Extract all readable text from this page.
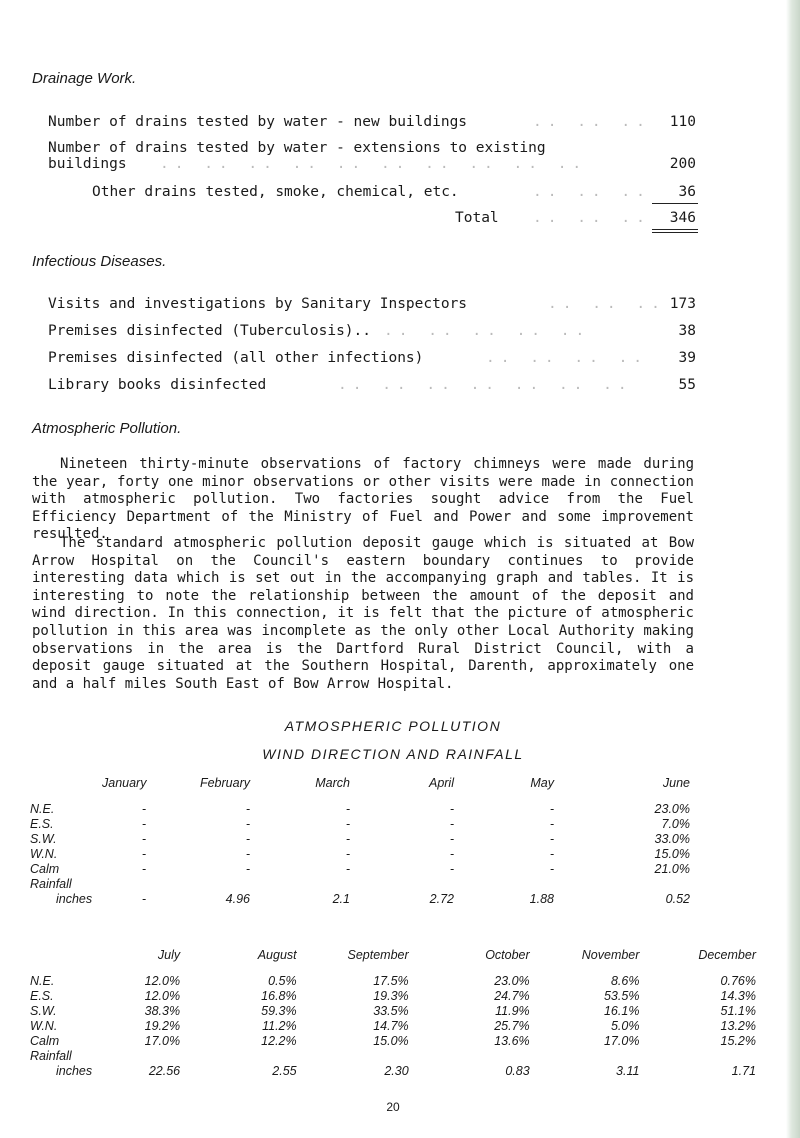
Drainage Work.
Number of drains tested by water - new buildings	.. .. ..	110
Number of drains tested by water - extensions to existing
buildings .. .. .. .. .. .. .. .. .. ..	200
Other drains tested, smoke, chemical, etc.	.. .. ..	36
Total .. .. ..	346
Infectious Diseases.
Visits and investigations by Sanitary Inspectors	.. .. .. 173
Premises disinfected (Tuberculosis).. .. .. .. .. ..	38
Premises disinfected (all other infections)	.. .. .. ..	39
Library books disinfected	.. .. .. .. .. .. ..	55
Atmospheric Pollution.

Nineteen thirty-minute observations of factory chimneys were made during the year, forty one minor observations or other visits were made in connection with atmospheric pollution. Two factories sought advice from the Fuel Efficiency Department of the Ministry of Fuel and Power and some improvement resulted.

The standard atmospheric pollution deposit gauge which is situated at Bow Arrow Hospital on the Council's eastern boundary continues to provide interesting data which is set out in the accompanying graph and tables. It is interesting to note the relationship between the amount of the deposit and wind direction. In this connection, it is felt that the picture of atmospheric pollution in this area was incomplete as the only other Local Authority making observations in the area is the Dartford Rural District Council, with a deposit gauge situated at the Southern Hospital, Darenth, approximately one and a half miles South East of Bow Arrow Hospital.

ATMOSPHERIC POLLUTION
WIND DIRECTION AND RAINFALL
	January	February	March	April	May	June
N.E.	-	-	-	-	-	23.0%
E.S.	-	-	-	-	-	7.0%
S.W.	-	-	-	-	-	33.0%
W.N.	-	-	-	-	-	15.0%
Calm	-	-	-	-	-	21.0%
Rainfall						
inches	-	4.96	2.1	2.72	1.88	0.52
	July	August	September	October	November	December
N.E.	12.0%	0.5%	17.5%	23.0%	8.6%	0.76%
E.S.	12.0%	16.8%	19.3%	24.7%	53.5%	14.3%
S.W.	38.3%	59.3%	33.5%	11.9%	16.1%	51.1%
W.N.	19.2%	11.2%	14.7%	25.7%	5.0%	13.2%
Calm	17.0%	12.2%	15.0%	13.6%	17.0%	15.2%
Rainfall						
inches	22.56	2.55	2.30	0.83	3.11	1.71
20
